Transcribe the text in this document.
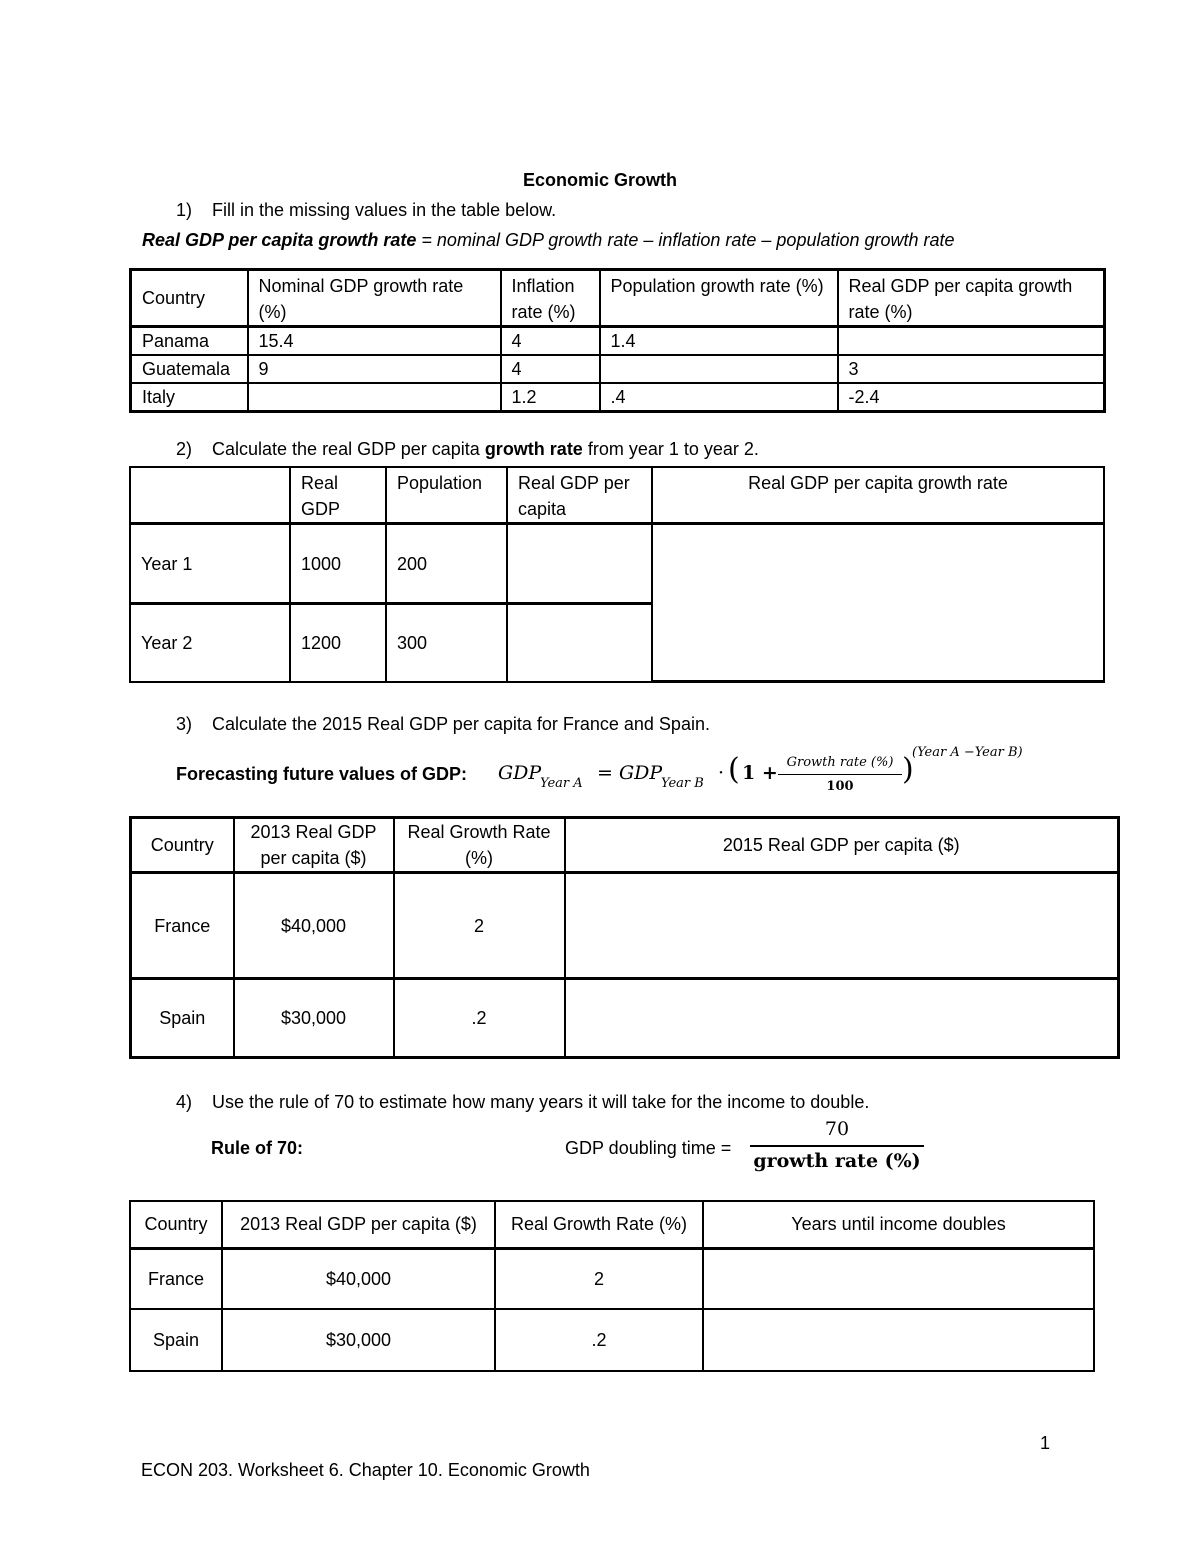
Economic Growth
1) Fill in the missing values in the table below.
Real GDP per capita growth rate = nominal GDP growth rate – inflation rate – population growth rate
Country	Nominal GDP growth rate (%)	Inflation rate (%)	Population growth rate (%)	Real GDP per capita growth rate (%)
Panama	15.4	4	1.4	
Guatemala	9	4		3
Italy		1.2	.4	-2.4
2) Calculate the real GDP per capita growth rate from year 1 to year 2.
	Real GDP	Population	Real GDP per capita	Real GDP per capita growth rate
Year 1	1000	200		
Year 2	1200	300		
3) Calculate the 2015 Real GDP per capita for France and Spain.
Forecasting future values of GDP: GDP
Year A = GDP
Year B · ( 1 + Growth rate (%)
100	)
(Year A −Year B)
Country	2013 Real GDP per capita ($)	Real Growth Rate (%)	2015 Real GDP per capita ($)
France	$40,000	2	
Spain	$30,000	.2	
4) Use the rule of 70 to estimate how many years it will take for the income to double.
Rule of 70:	GDP doubling time =
70
growth rate (%)
Country	2013 Real GDP per capita ($)	Real Growth Rate (%)	Years until income doubles
France	$40,000	2	
Spain	$30,000	.2	
1
ECON 203. Worksheet 6. Chapter 10. Economic Growth
